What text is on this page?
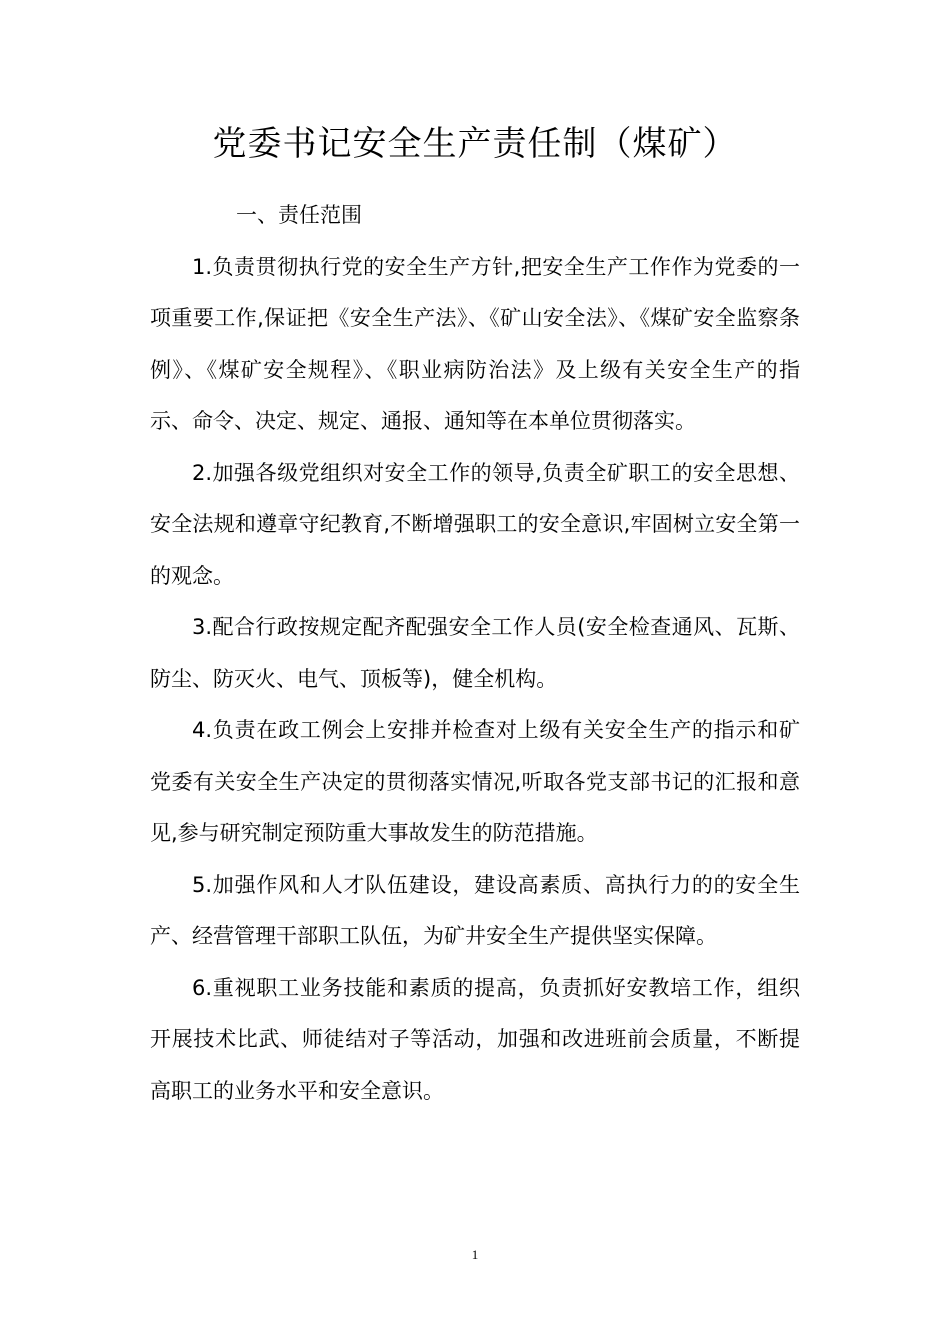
党委书记安全生产责任制（煤矿）

一、责任范围

1.负责贯彻执行党的安全生产方针,把安全生产工作作为党委的一项重要工作,保证把《安全生产法》、《矿山安全法》、《煤矿安全监察条例》、《煤矿安全规程》、《职业病防治法》及上级有关安全生产的指示、命令、决定、规定、通报、通知等在本单位贯彻落实。

2.加强各级党组织对安全工作的领导,负责全矿职工的安全思想、安全法规和遵章守纪教育,不断增强职工的安全意识,牢固树立安全第一的观念。

3.配合行政按规定配齐配强安全工作人员(安全检查通风、瓦斯、防尘、防灭火、电气、顶板等)，健全机构。

4.负责在政工例会上安排并检查对上级有关安全生产的指示和矿党委有关安全生产决定的贯彻落实情况,听取各党支部书记的汇报和意见,参与研究制定预防重大事故发生的防范措施。

5.加强作风和人才队伍建设，建设高素质、高执行力的的安全生产、经营管理干部职工队伍，为矿井安全生产提供坚实保障。

6.重视职工业务技能和素质的提高，负责抓好安教培工作，组织开展技术比武、师徒结对子等活动，加强和改进班前会质量，不断提高职工的业务水平和安全意识。

1
